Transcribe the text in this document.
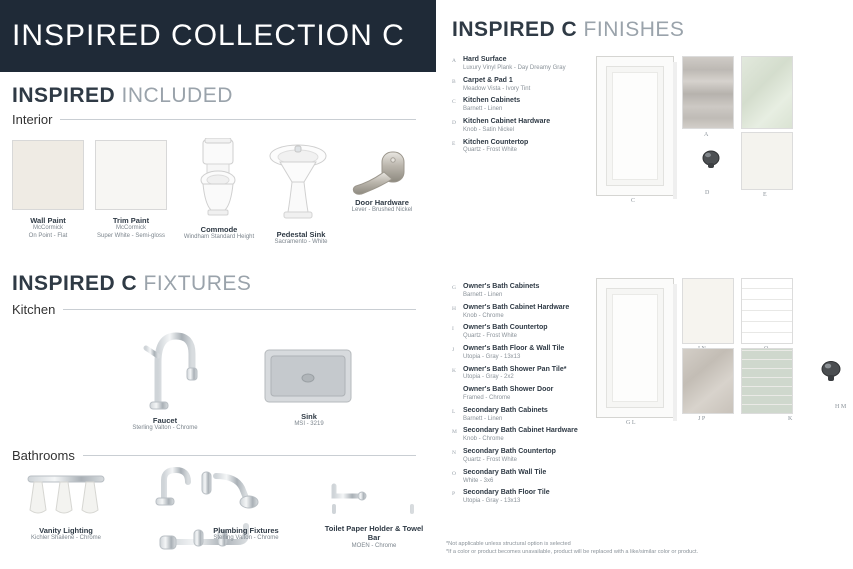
INSPIRED COLLECTION C
INSPIRED INCLUDED
Interior
Wall Paint
McCormick
On Point - Flat
Trim Paint
McCormick
Super White - Semi-gloss
Commode
Windham Standard Height	Pedestal Sink
Sacramento - White
Door Hardware
Lever - Brushed Nickel
INSPIRED C FIXTURES
Kitchen
Faucet
Sterling Valton - Chrome
Sink
MSI - 3219
Bathrooms
Vanity Lighting
Kichler Shailene - Chrome
Plumbing Fixtures
Sterling Valton - Chrome
Toilet Paper Holder & Towel Bar
MOEN - Chrome
INSPIRED C FINISHES
A	Hard Surface
Luxury Vinyl Plank - Day Dreamy Gray
B	Carpet & Pad 1
Meadow Vista - Ivory Tint
C	Kitchen Cabinets
Barnett - Linen
D	Kitchen Cabinet Hardware
Knob - Satin Nickel
E	Kitchen Countertop
Quartz - Frost White
C
A
D	E
G	Owner's Bath Cabinets
Barnett - Linen
H	Owner's Bath Cabinet Hardware
Knob - Chrome
I	Owner's Bath Countertop
Quartz - Frost White
J	Owner's Bath Floor & Wall Tile
Utopia - Gray - 13x13
K	Owner's Bath Shower Pan Tile*
Utopia - Gray - 2x2
Owner's Bath Shower Door
Framed - Chrome
L	Secondary Bath Cabinets
Barnett - Linen
M Secondary Bath Cabinet Hardware
Knob - Chrome
N	Secondary Bath Countertop
Quartz - Frost White
O	Secondary Bath Wall Tile
White - 3x6
P	Secondary Bath Floor Tile
Utopia - Gray - 13x13
G L
J P	K
H M
*Not applicable unless structural option is selected
*If a color or product becomes unavailable, product will be replaced with a like/similar color or product.
